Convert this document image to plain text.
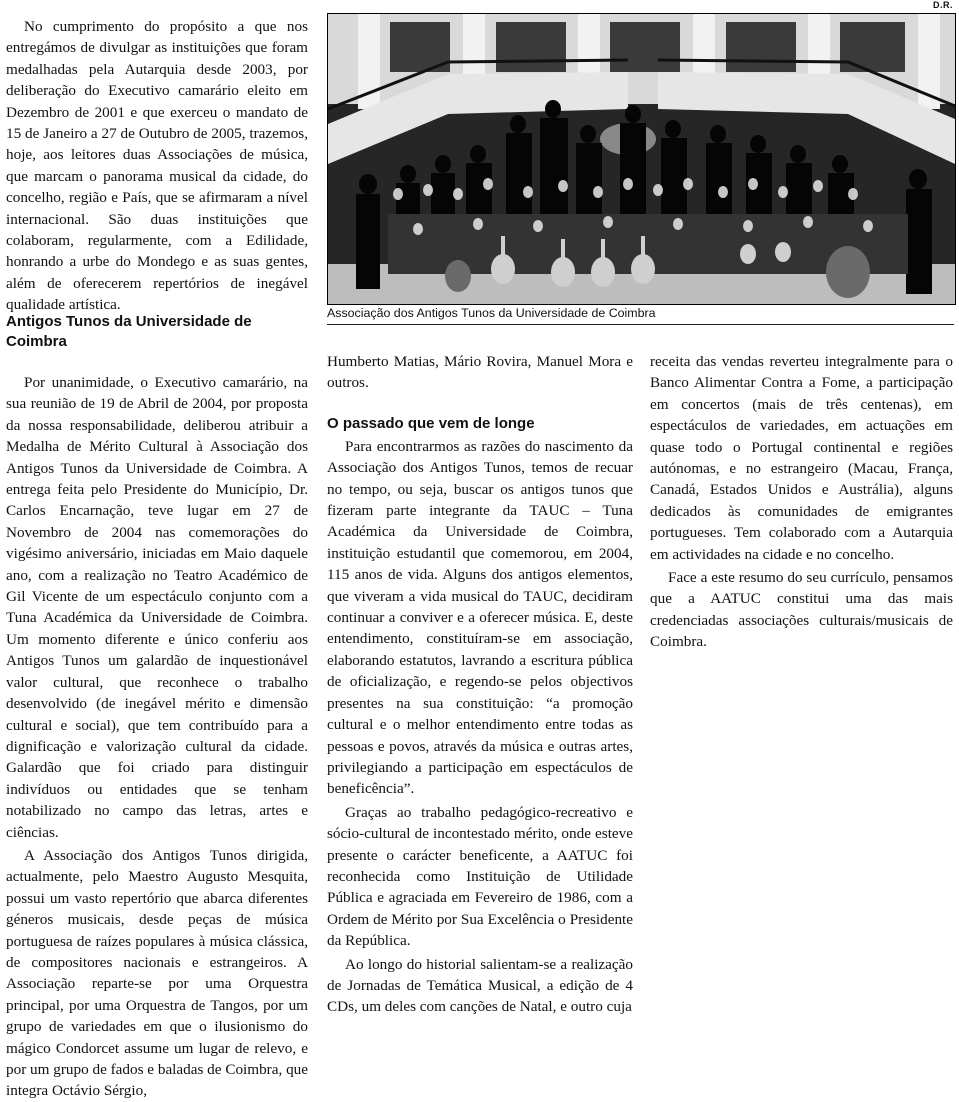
D.R.
Associação dos Antigos Tunos da Universidade de Coimbra

No cumprimento do propósito a que nos entregámos de divulgar as instituições que foram medalhadas pela Autarquia desde 2003, por deliberação do Executivo camarário eleito em Dezembro de 2001 e que exerceu o mandato de 15 de Janeiro a 27 de Outubro de 2005, trazemos, hoje, aos leitores duas Associações de música, que marcam o panorama musical da cidade, do concelho, região e País, que se afirmaram a nível internacional. São duas instituições que colaboram, regularmente, com a Edilidade, honrando a urbe do Mondego e as suas gentes, além de oferecerem repertórios de inegável qualidade artística.

Antigos Tunos da Universidade de Coimbra

Por unanimidade, o Executivo camarário, na sua reunião de 19 de Abril de 2004, por proposta da nossa responsabilidade, deliberou atribuir a Medalha de Mérito Cultural à Associação dos Antigos Tunos da Universidade de Coimbra. A entrega feita pelo Presidente do Município, Dr. Carlos Encarnação, teve lugar em 27 de Novembro de 2004 nas comemorações do vigésimo aniversário, iniciadas em Maio daquele ano, com a realização no Teatro Académico de Gil Vicente de um espectáculo conjunto com a Tuna Académica da Universidade de Coimbra. Um momento diferente e único conferiu aos Antigos Tunos um galardão de inquestionável valor cultural, que reconhece o trabalho desenvolvido (de inegável mérito e dimensão cultural e social), que tem contribuído para a dignificação e valorização cultural da cidade. Galardão que foi criado para distinguir indivíduos ou entidades que se tenham notabilizado no campo das letras, artes e ciências.

A Associação dos Antigos Tunos dirigida, actualmente, pelo Maestro Augusto Mesquita, possui um vasto repertório que abarca diferentes géneros musicais, desde peças de música portuguesa de raízes populares à música clássica, de compositores nacionais e estrangeiros. A Associação reparte-se por uma Orquestra principal, por uma Orquestra de Tangos, por um grupo de variedades em que o ilusionismo do mágico Condorcet assume um lugar de relevo, e por um grupo de fados e baladas de Coimbra, que integra Octávio Sérgio,

Humberto Matias, Mário Rovira, Manuel Mora e outros.

Para encontrarmos as razões do nascimento da Associação dos Antigos Tunos, temos de recuar no tempo, ou seja, buscar os antigos tunos que fizeram parte integrante da TAUC – Tuna Académica da Universidade de Coimbra, instituição estudantil que comemorou, em 2004, 115 anos de vida. Alguns dos antigos elementos, que viveram a vida musical do TAUC, decidiram continuar a conviver e a oferecer música. E, deste entendimento, constituíram-se em associação, elaborando estatutos, lavrando a escritura pública de oficialização, e regendo-se pelos objectivos presentes na sua constituição: “a promoção cultural e o melhor entendimento entre todas as pessoas e povos, através da música e outras artes, privilegiando a participação em espectáculos de beneficência”.

Graças ao trabalho pedagógico-recreativo e sócio-cultural de incontestado mérito, onde esteve presente o carácter beneficente, a AATUC foi reconhecida como Instituição de Utilidade Pública e agraciada em Fevereiro de 1986, com a Ordem de Mérito por Sua Excelência o Presidente da República.

Ao longo do historial salientam-se a realização de Jornadas de Temática Musical, a edição de 4 CDs, um deles com canções de Natal, e outro cuja

O passado que vem de longe

receita das vendas reverteu integralmente para o Banco Alimentar Contra a Fome, a participação em concertos (mais de três centenas), em espectáculos de variedades, em actuações em quase todo o Portugal continental e regiões autónomas, e no estrangeiro (Macau, França, Canadá, Estados Unidos e Austrália), alguns dedicados às comunidades de emigrantes portugueses. Tem colaborado com a Autarquia em actividades na cidade e no concelho.

Face a este resumo do seu currículo, pensamos que a AATUC constitui uma das mais credenciadas associações culturais/musicais de Coimbra.
